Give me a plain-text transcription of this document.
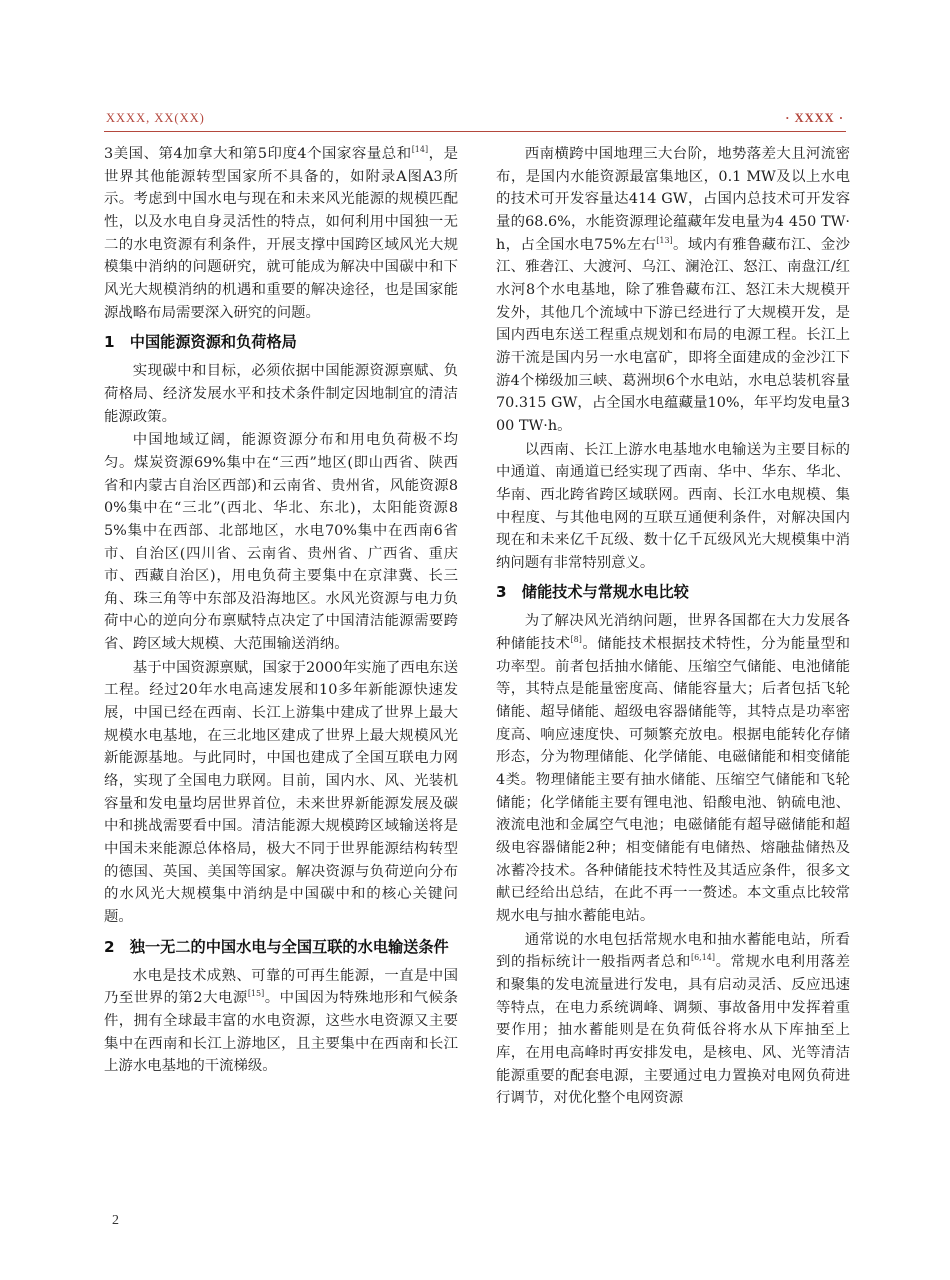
XXXX, XX(XX)	· XXXX ·

3美国、第4加拿大和第5印度4个国家容量总和[14]，是世界其他能源转型国家所不具备的，如附录A图A3所示。考虑到中国水电与现在和未来风光能源的规模匹配性，以及水电自身灵活性的特点，如何利用中国独一无二的水电资源有利条件，开展支撑中国跨区域风光大规模集中消纳的问题研究，就可能成为解决中国碳中和下风光大规模消纳的机遇和重要的解决途径，也是国家能源战略布局需要深入研究的问题。

1　中国能源资源和负荷格局

实现碳中和目标，必须依据中国能源资源禀赋、负荷格局、经济发展水平和技术条件制定因地制宜的清洁能源政策。

中国地域辽阔，能源资源分布和用电负荷极不均匀。煤炭资源69%集中在“三西”地区(即山西省、陕西省和内蒙古自治区西部)和云南省、贵州省，风能资源80%集中在“三北”(西北、华北、东北)，太阳能资源85%集中在西部、北部地区，水电70%集中在西南6省市、自治区(四川省、云南省、贵州省、广西省、重庆市、西藏自治区)，用电负荷主要集中在京津冀、长三角、珠三角等中东部及沿海地区。水风光资源与电力负荷中心的逆向分布禀赋特点决定了中国清洁能源需要跨省、跨区域大规模、大范围输送消纳。

基于中国资源禀赋，国家于2000年实施了西电东送工程。经过20年水电高速发展和10多年新能源快速发展，中国已经在西南、长江上游集中建成了世界上最大规模水电基地，在三北地区建成了世界上最大规模风光新能源基地。与此同时，中国也建成了全国互联电力网络，实现了全国电力联网。目前，国内水、风、光装机容量和发电量均居世界首位，未来世界新能源发展及碳中和挑战需要看中国。清洁能源大规模跨区域输送将是中国未来能源总体格局，极大不同于世界能源结构转型的德国、英国、美国等国家。解决资源与负荷逆向分布的水风光大规模集中消纳是中国碳中和的核心关键问题。

2　独一无二的中国水电与全国互联的水电输送条件

水电是技术成熟、可靠的可再生能源，一直是中国乃至世界的第2大电源[15]。中国因为特殊地形和气候条件，拥有全球最丰富的水电资源，这些水电资源又主要集中在西南和长江上游地区，且主要集中在西南和长江上游水电基地的干流梯级。

西南横跨中国地理三大台阶，地势落差大且河流密布，是国内水能资源最富集地区，0.1 MW及以上水电的技术可开发容量达414 GW，占国内总技术可开发容量的68.6%，水能资源理论蕴藏年发电量为4 450 TW·h，占全国水电75%左右[13]。域内有雅鲁藏布江、金沙江、雅砻江、大渡河、乌江、澜沧江、怒江、南盘江/红水河8个水电基地，除了雅鲁藏布江、怒江未大规模开发外，其他几个流域中下游已经进行了大规模开发，是国内西电东送工程重点规划和布局的电源工程。长江上游干流是国内另一水电富矿，即将全面建成的金沙江下游4个梯级加三峡、葛洲坝6个水电站，水电总装机容量70.315 GW，占全国水电蕴藏量10%，年平均发电量300 TW·h。

以西南、长江上游水电基地水电输送为主要目标的中通道、南通道已经实现了西南、华中、华东、华北、华南、西北跨省跨区域联网。西南、长江水电规模、集中程度、与其他电网的互联互通便利条件，对解决国内现在和未来亿千瓦级、数十亿千瓦级风光大规模集中消纳问题有非常特别意义。

3　储能技术与常规水电比较

为了解决风光消纳问题，世界各国都在大力发展各种储能技术[8]。储能技术根据技术特性，分为能量型和功率型。前者包括抽水储能、压缩空气储能、电池储能等，其特点是能量密度高、储能容量大；后者包括飞轮储能、超导储能、超级电容器储能等，其特点是功率密度高、响应速度快、可频繁充放电。根据电能转化存储形态，分为物理储能、化学储能、电磁储能和相变储能4类。物理储能主要有抽水储能、压缩空气储能和飞轮储能；化学储能主要有锂电池、铅酸电池、钠硫电池、液流电池和金属空气电池；电磁储能有超导磁储能和超级电容器储能2种；相变储能有电储热、熔融盐储热及冰蓄冷技术。各种储能技术特性及其适应条件，很多文献已经给出总结，在此不再一一赘述。本文重点比较常规水电与抽水蓄能电站。

通常说的水电包括常规水电和抽水蓄能电站，所看到的指标统计一般指两者总和[6,14]。常规水电利用落差和聚集的发电流量进行发电，具有启动灵活、反应迅速等特点，在电力系统调峰、调频、事故备用中发挥着重要作用；抽水蓄能则是在负荷低谷将水从下库抽至上库，在用电高峰时再安排发电，是核电、风、光等清洁能源重要的配套电源，主要通过电力置换对电网负荷进行调节，对优化整个电网资源

2
